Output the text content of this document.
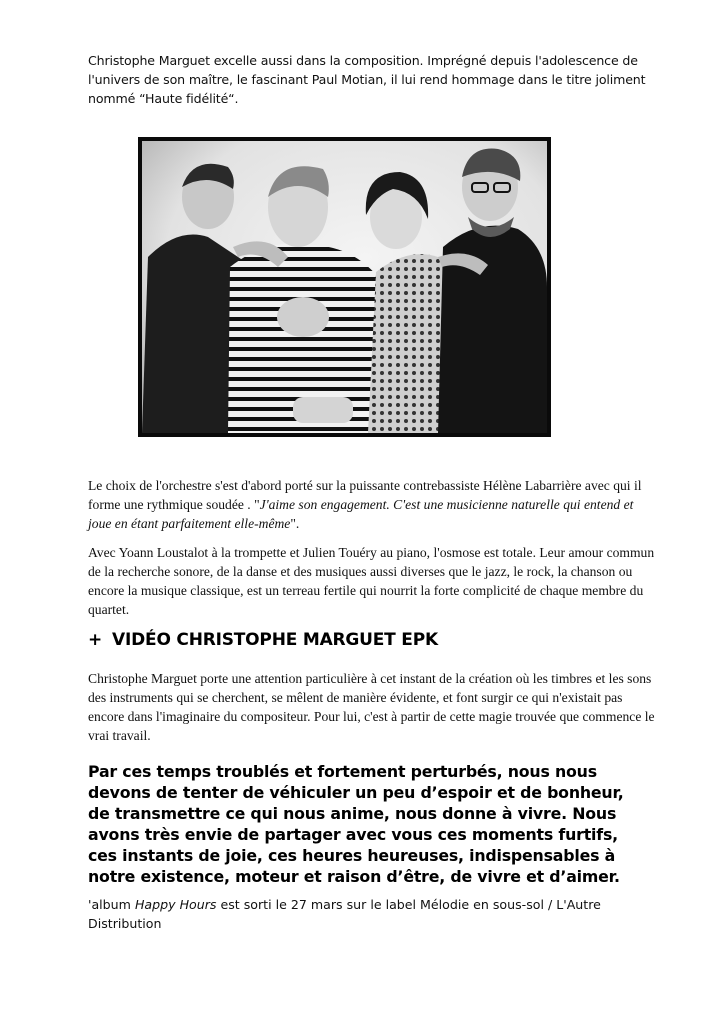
Christophe Marguet excelle aussi dans la composition. Imprégné depuis l'adolescence de l'univers de son maître, le fascinant Paul Motian, il lui rend hommage dans le titre joliment nommé “Haute fidélité“.

Le choix de l'orchestre s'est d'abord porté sur la puissante contrebassiste Hélène Labarrière avec qui il forme une rythmique soudée . "J'aime son engagement. C'est une musicienne naturelle qui entend et joue en étant parfaitement elle-même".

Avec Yoann Loustalot à la trompette et Julien Touéry au piano, l'osmose est totale. Leur amour commun de la recherche sonore, de la danse et des musiques aussi diverses que le jazz, le rock, la chanson ou encore la musique classique, est un terreau fertile qui nourrit la forte complicité de chaque membre du quartet.

+ VIDÉO CHRISTOPHE MARGUET EPK

Christophe Marguet porte une attention particulière à cet instant de la création où les timbres et les sons des instruments qui se cherchent, se mêlent de manière évidente, et font surgir ce qui n'existait pas encore dans l'imaginaire du compositeur. Pour lui, c'est à partir de cette magie trouvée que commence le vrai travail.

Par ces temps troublés et fortement perturbés, nous nous devons de tenter de véhiculer un peu d’espoir et de bonheur, de transmettre ce qui nous anime, nous donne à vivre. Nous avons très envie de partager avec vous ces moments furtifs, ces instants de joie, ces heures heureuses, indispensables à notre existence, moteur et raison d’être, de vivre et d’aimer.

'album Happy Hours est sorti le 27 mars sur le label Mélodie en sous-sol / L'Autre Distribution
